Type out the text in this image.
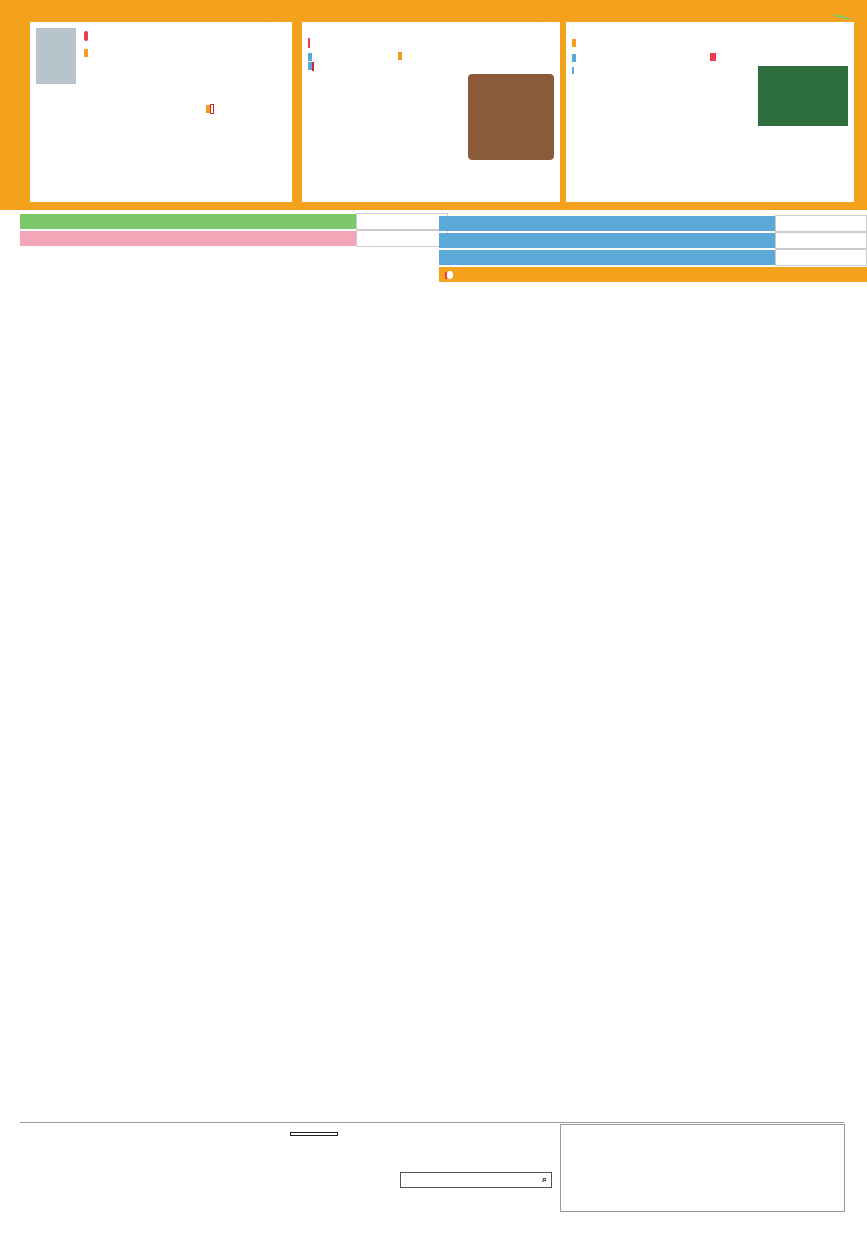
⌕
